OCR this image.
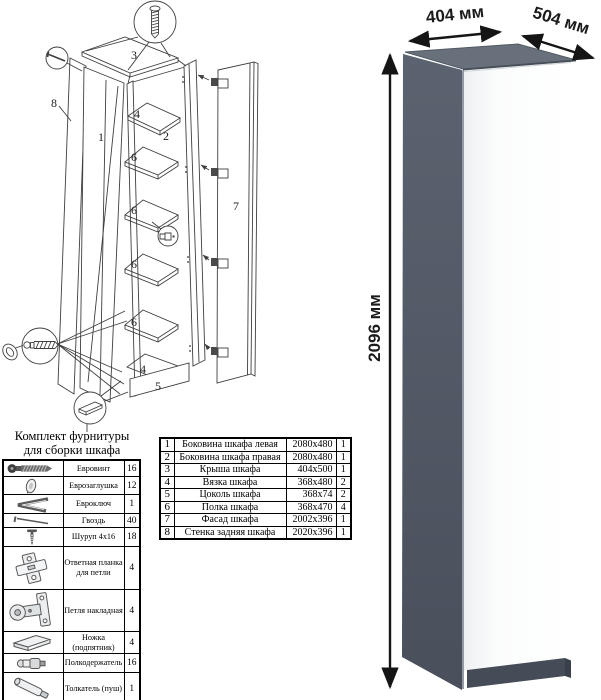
1	2
3
4
4
5
6
6
6
6
7
8
404 мм	504 мм
2096 мм
Комплект фурнитуры
для сборки шкафа
	Евровинт	16

	Еврозаглушка	12

	Евроключ	1

	Гвоздь	40

	Шуруп 4x16	18

	Ответная планка для петли	4

	Петля накладная	4

	Ножка (подпятник)	4

	Полкодержатель	16

	Толкатель (пуш)	1
1	Боковина шкафа левая	2080x480	1
2	Боковина шкафа правая	2080x480	1
3	Крыша шкафа	404x500	1
4	Вязка шкафа	368x480	2
5	Цоколь шкафа	368x74	2
6	Полка шкафа	368x470	4
7	Фасад шкафа	2002x396	1
8	Стенка задняя шкафа	2020x396	1
